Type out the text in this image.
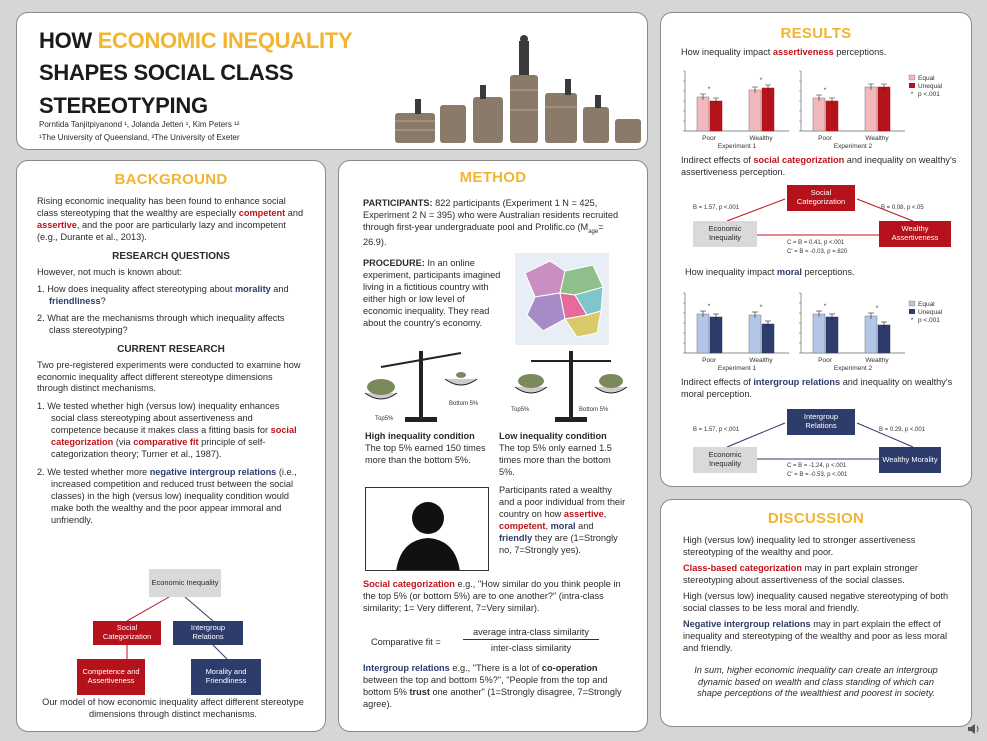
HOW ECONOMIC INEQUALITY
SHAPES SOCIAL CLASS
STEREOTYPING
Porntida Tanjitpiyanond ¹, Jolanda Jetten ¹, Kim Peters ¹²
¹The University of Queensland, ²The University of Exeter
RESULTS
How inequality impact assertiveness perceptions.
*
Poor
*
Wealthy
Experiment 1
*
Poor	Wealthy
Experiment 2
Equal
Unequal
* p <.001
Indirect effects of social categorization and inequality on wealthy's assertiveness perception.
Social Categorization
Economic Inequality
Wealthy Assertiveness
B = 1.57, p <.001	B = 0.08, p <.05
C = B = 0.41, p <.001
C' = B = -0.03, p =.820
How inequality impact moral perceptions.
*
Poor
*
Wealthy
Experiment 1
*
Poor
*
Wealthy
Experiment 2
Equal
Unequal
* p <.001
Indirect effects of intergroup relations and inequality on wealthy's moral perception.
Intergroup Relations
Economic Inequality	Wealthy Morality
B = 1.57, p <.001	B = 0.29, p <.001
C = B = -1.24, p <.001
C' = B = -0.53, p <.001
BACKGROUND

Rising economic inequality has been found to enhance social class stereotyping that the wealthy are especially competent and assertive, and the poor are particularly lazy and incompetent (e.g., Durante et al., 2013).

RESEARCH QUESTIONS

However, not much is known about:

1. How does inequality affect stereotyping about morality and friendliness?

2. What are the mechanisms through which inequality affects class stereotyping?

CURRENT RESEARCH

Two pre-registered experiments were conducted to examine how economic inequality affect different stereotype dimensions through distinct mechanisms.

1. We tested whether high (versus low) inequality enhances social class stereotyping about assertiveness and competence because it makes class a fitting basis for social categorization (via comparative fit principle of self-categorization theory; Turner et al., 1987).

2. We tested whether more negative intergroup relations (i.e., increased competition and reduced trust between the social classes) in the high (versus low) inequality condition would make both the wealthy and the poor appear immoral and unfriendly.

Economic Inequality
Social Categorization
Intergroup Relations
Competence and Assertiveness
Morality and Friendliness

Our model of how economic inequality affect different stereotype dimensions through distinct mechanisms.

METHOD

PARTICIPANTS: 822 participants (Experiment 1 N = 425, Experiment 2 N = 395) who were Australian residents recruited through first-year undergraduate pool and Prolific.co $(M_{age}= 26.9)$.

PROCEDURE: In an online experiment, participants imagined living in a fictitious country with either high or low level of economic inequality. They read about the country's economy.

Top5%
Bottom 5%
Top5%	Bottom 5%
High inequality condition
The top 5% earned 150 times more than the bottom 5%.
Low inequality condition
The top 5% only earned 1.5 times more than the bottom 5%.

Participants rated a wealthy and a poor individual from their country on how assertive, competent, moral and friendly they are (1=Strongly no, 7=Strongly yes).

Social categorization e.g., "How similar do you think people in the top 5% (or bottom 5%) are to one another?" (intra-class similarity; 1= Very different, 7=Very similar).

Comparative fit =
average intra-class similarity
inter-class similarity

Intergroup relations e.g., "There is a lot of co-operation between the top and bottom 5%?", "People from the top and bottom 5% trust one another" (1=Strongly disagree, 7=Strongly agree).

DISCUSSION

High (versus low) inequality led to stronger assertiveness stereotyping of the wealthy and poor.

Class-based categorization may in part explain stronger stereotyping about assertiveness of the social classes.

High (versus low) inequality caused negative stereotyping of both social classes to be less moral and friendly.

Negative intergroup relations may in part explain the effect of inequality and stereotyping of the wealthy and poor as less moral and friendly.

In sum, higher economic inequality can create an intergroup dynamic based on wealth and class standing of which can shape perceptions of the wealthiest and poorest in society.
